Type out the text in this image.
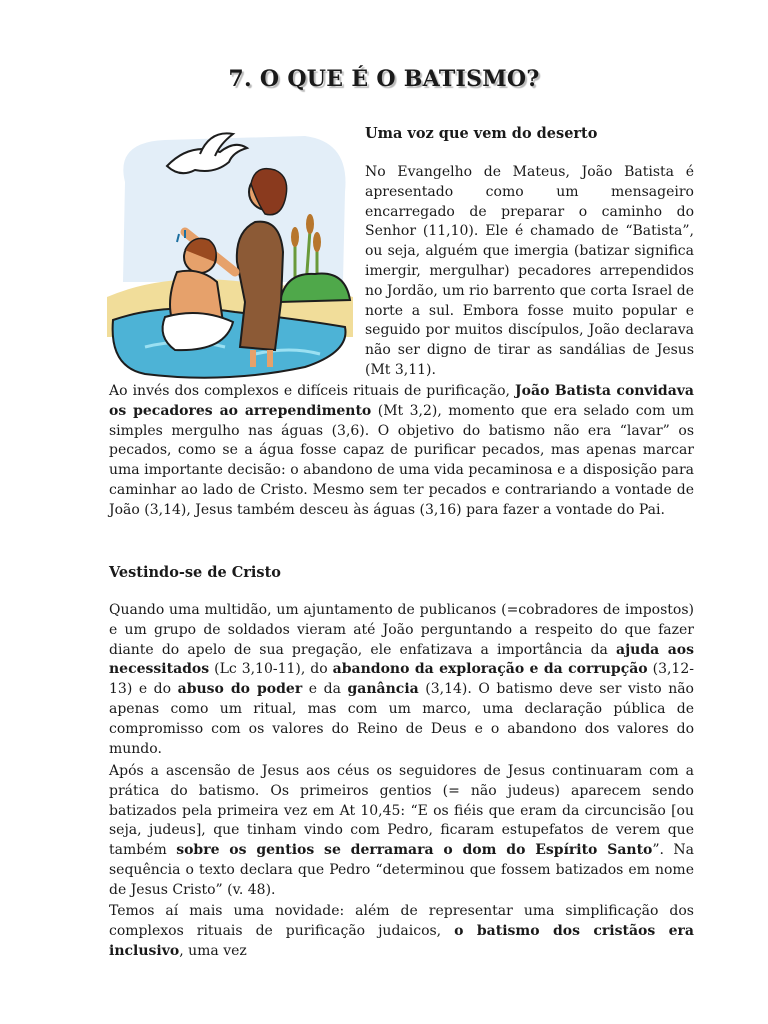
7. O QUE É O BATISMO?

Uma voz que vem do deserto

No Evangelho de Mateus, João Batista é apresentado como um mensageiro encarregado de preparar o caminho do Senhor (11,10). Ele é chamado de “Batista”, ou seja, alguém que imergia (batizar significa imergir, mergulhar) pecadores arrependidos no Jordão, um rio barrento que corta Israel de norte a sul. Embora fosse muito popular e seguido por muitos discípulos, João declarava não ser digno de tirar as sandálias de Jesus (Mt 3,11).

Ao invés dos complexos e difíceis rituais de purificação, João Batista convidava os pecadores ao arrependimento (Mt 3,2), momento que era selado com um simples mergulho nas águas (3,6). O objetivo do batismo não era “lavar” os pecados, como se a água fosse capaz de purificar pecados, mas apenas marcar uma importante decisão: o abandono de uma vida pecaminosa e a disposição para caminhar ao lado de Cristo. Mesmo sem ter pecados e contrariando a vontade de João (3,14), Jesus também desceu às águas (3,16) para fazer a vontade do Pai.

Vestindo-se de Cristo

Quando uma multidão, um ajuntamento de publicanos (=cobradores de impostos) e um grupo de soldados vieram até João perguntando a respeito do que fazer diante do apelo de sua pregação, ele enfatizava a importância da ajuda aos necessitados (Lc 3,10-11), do abandono da exploração e da corrupção (3,12-13) e do abuso do poder e da ganância (3,14). O batismo deve ser visto não apenas como um ritual, mas com um marco, uma declaração pública de compromisso com os valores do Reino de Deus e o abandono dos valores do mundo.

Após a ascensão de Jesus aos céus os seguidores de Jesus continuaram com a prática do batismo. Os primeiros gentios (= não judeus) aparecem sendo batizados pela primeira vez em At 10,45: “E os fiéis que eram da circuncisão [ou seja, judeus], que tinham vindo com Pedro, ficaram estupefatos de verem que também sobre os gentios se derramara o dom do Espírito Santo”. Na sequência o texto declara que Pedro “determinou que fossem batizados em nome de Jesus Cristo” (v. 48).

Temos aí mais uma novidade: além de representar uma simplificação dos complexos rituais de purificação judaicos, o batismo dos cristãos era inclusivo, uma vez
